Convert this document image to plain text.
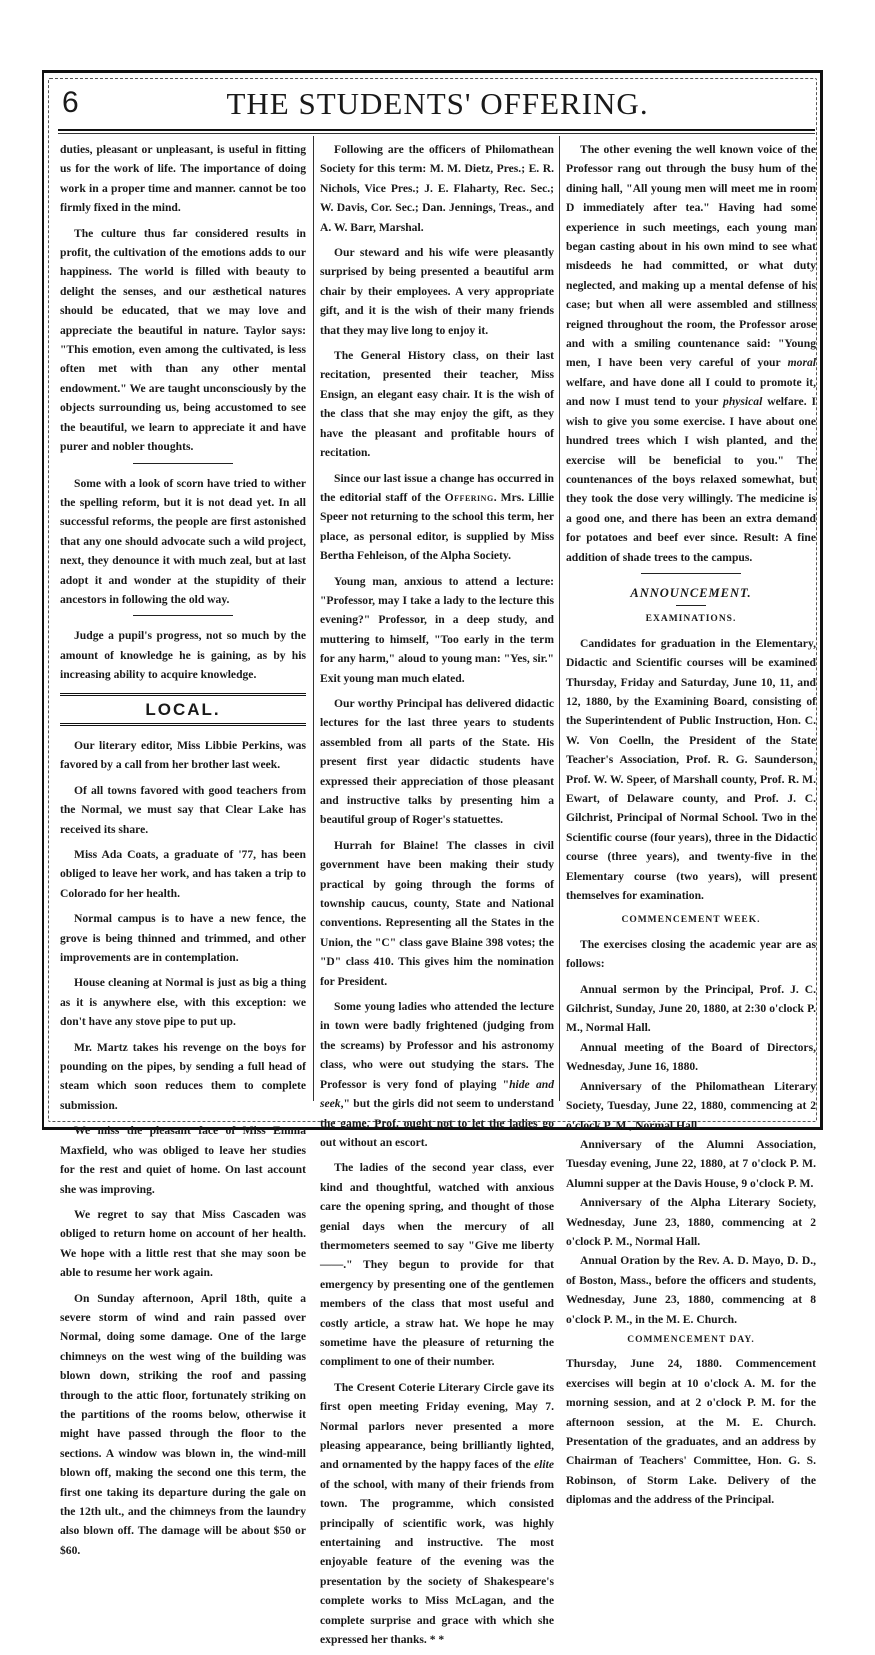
6	THE STUDENTS' OFFERING.

duties, pleasant or unpleasant, is useful in fitting us for the work of life. The importance of doing work in a proper time and manner. cannot be too firmly fixed in the mind.

The culture thus far considered results in profit, the cultivation of the emotions adds to our happiness. The world is filled with beauty to delight the senses, and our æsthetical natures should be educated, that we may love and appreciate the beautiful in nature. Taylor says: "This emotion, even among the cultivated, is less often met with than any other mental endowment." We are taught unconsciously by the objects surrounding us, being accustomed to see the beautiful, we learn to appreciate it and have purer and nobler thoughts.

Some with a look of scorn have tried to wither the spelling reform, but it is not dead yet. In all successful reforms, the people are first astonished that any one should advocate such a wild project, next, they denounce it with much zeal, but at last adopt it and wonder at the stupidity of their ancestors in following the old way.

Judge a pupil's progress, not so much by the amount of knowledge he is gaining, as by his increasing ability to acquire knowledge.

LOCAL.

Our literary editor, Miss Libbie Perkins, was favored by a call from her brother last week.

Of all towns favored with good teachers from the Normal, we must say that Clear Lake has received its share.

Miss Ada Coats, a graduate of '77, has been obliged to leave her work, and has taken a trip to Colorado for her health.

Normal campus is to have a new fence, the grove is being thinned and trimmed, and other improvements are in contemplation.

House cleaning at Normal is just as big a thing as it is anywhere else, with this exception: we don't have any stove pipe to put up.

Mr. Martz takes his revenge on the boys for pounding on the pipes, by sending a full head of steam which soon reduces them to complete submission.

We miss the pleasant face of Miss Emma Maxfield, who was obliged to leave her studies for the rest and quiet of home. On last account she was improving.

We regret to say that Miss Cascaden was obliged to return home on account of her health. We hope with a little rest that she may soon be able to resume her work again.

On Sunday afternoon, April 18th, quite a severe storm of wind and rain passed over Normal, doing some damage. One of the large chimneys on the west wing of the building was blown down, striking the roof and passing through to the attic floor, fortunately striking on the partitions of the rooms below, otherwise it might have passed through the floor to the sections. A window was blown in, the wind-mill blown off, making the second one this term, the first one taking its departure during the gale on the 12th ult., and the chimneys from the laundry also blown off. The damage will be about $50 or $60.

Following are the officers of Philomathean Society for this term: M. M. Dietz, Pres.; E. R. Nichols, Vice Pres.; J. E. Flaharty, Rec. Sec.; W. Davis, Cor. Sec.; Dan. Jennings, Treas., and A. W. Barr, Marshal.

Our steward and his wife were pleasantly surprised by being presented a beautiful arm chair by their employees. A very appropriate gift, and it is the wish of their many friends that they may live long to enjoy it.

The General History class, on their last recitation, presented their teacher, Miss Ensign, an elegant easy chair. It is the wish of the class that she may enjoy the gift, as they have the pleasant and profitable hours of recitation.

Since our last issue a change has occurred in the editorial staff of the Offering. Mrs. Lillie Speer not returning to the school this term, her place, as personal editor, is supplied by Miss Bertha Fehleison, of the Alpha Society.

Young man, anxious to attend a lecture: "Professor, may I take a lady to the lecture this evening?" Professor, in a deep study, and muttering to himself, "Too early in the term for any harm," aloud to young man: "Yes, sir." Exit young man much elated.

Our worthy Principal has delivered didactic lectures for the last three years to students assembled from all parts of the State. His present first year didactic students have expressed their appreciation of those pleasant and instructive talks by presenting him a beautiful group of Roger's statuettes.

Hurrah for Blaine! The classes in civil government have been making their study practical by going through the forms of township caucus, county, State and National conventions. Representing all the States in the Union, the "C" class gave Blaine 398 votes; the "D" class 410. This gives him the nomination for President.

Some young ladies who attended the lecture in town were badly frightened (judging from the screams) by Professor and his astronomy class, who were out studying the stars. The Professor is very fond of playing "hide and seek," but the girls did not seem to understand the game. Prof. ought not to let the ladies go out without an escort.

The ladies of the second year class, ever kind and thoughtful, watched with anxious care the opening spring, and thought of those genial days when the mercury of all thermometers seemed to say "Give me liberty——." They begun to provide for that emergency by presenting one of the gentlemen members of the class that most useful and costly article, a straw hat. We hope he may sometime have the pleasure of returning the compliment to one of their number.

The Cresent Coterie Literary Circle gave its first open meeting Friday evening, May 7. Normal parlors never presented a more pleasing appearance, being brilliantly lighted, and ornamented by the happy faces of the elite of the school, with many of their friends from town. The programme, which consisted principally of scientific work, was highly entertaining and instructive. The most enjoyable feature of the evening was the presentation by the society of Shakespeare's complete works to Miss McLagan, and the complete surprise and grace with which she expressed her thanks. * *

The other evening the well known voice of the Professor rang out through the busy hum of the dining hall, "All young men will meet me in room D immediately after tea." Having had some experience in such meetings, each young man began casting about in his own mind to see what misdeeds he had committed, or what duty neglected, and making up a mental defense of his case; but when all were assembled and stillness reigned throughout the room, the Professor arose and with a smiling countenance said: "Young men, I have been very careful of your moral welfare, and have done all I could to promote it, and now I must tend to your physical welfare. I wish to give you some exercise. I have about one hundred trees which I wish planted, and the exercise will be beneficial to you." The countenances of the boys relaxed somewhat, but they took the dose very willingly. The medicine is a good one, and there has been an extra demand for potatoes and beef ever since. Result: A fine addition of shade trees to the campus.

ANNOUNCEMENT.
EXAMINATIONS.

Candidates for graduation in the Elementary, Didactic and Scientific courses will be examined Thursday, Friday and Saturday, June 10, 11, and 12, 1880, by the Examining Board, consisting of the Superintendent of Public Instruction, Hon. C. W. Von Coelln, the President of the State Teacher's Association, Prof. R. G. Saunderson, Prof. W. W. Speer, of Marshall county, Prof. R. M. Ewart, of Delaware county, and Prof. J. C. Gilchrist, Principal of Normal School. Two in the Scientific course (four years), three in the Didactic course (three years), and twenty-five in the Elementary course (two years), will present themselves for examination.

COMMENCEMENT WEEK.

The exercises closing the academic year are as follows:

Annual sermon by the Principal, Prof. J. C. Gilchrist, Sunday, June 20, 1880, at 2:30 o'clock P. M., Normal Hall.

Annual meeting of the Board of Directors, Wednesday, June 16, 1880.

Anniversary of the Philomathean Literary Society, Tuesday, June 22, 1880, commencing at 2 o'clock P. M., Normal Hall.

Anniversary of the Alumni Association, Tuesday evening, June 22, 1880, at 7 o'clock P. M. Alumni supper at the Davis House, 9 o'clock P. M.

Anniversary of the Alpha Literary Society, Wednesday, June 23, 1880, commencing at 2 o'clock P. M., Normal Hall.

Annual Oration by the Rev. A. D. Mayo, D. D., of Boston, Mass., before the officers and students, Wednesday, June 23, 1880, commencing at 8 o'clock P. M., in the M. E. Church.

COMMENCEMENT DAY.

Thursday, June 24, 1880. Commencement exercises will begin at 10 o'clock A. M. for the morning session, and at 2 o'clock P. M. for the afternoon session, at the M. E. Church. Presentation of the graduates, and an address by Chairman of Teachers' Committee, Hon. G. S. Robinson, of Storm Lake. Delivery of the diplomas and the address of the Principal.
